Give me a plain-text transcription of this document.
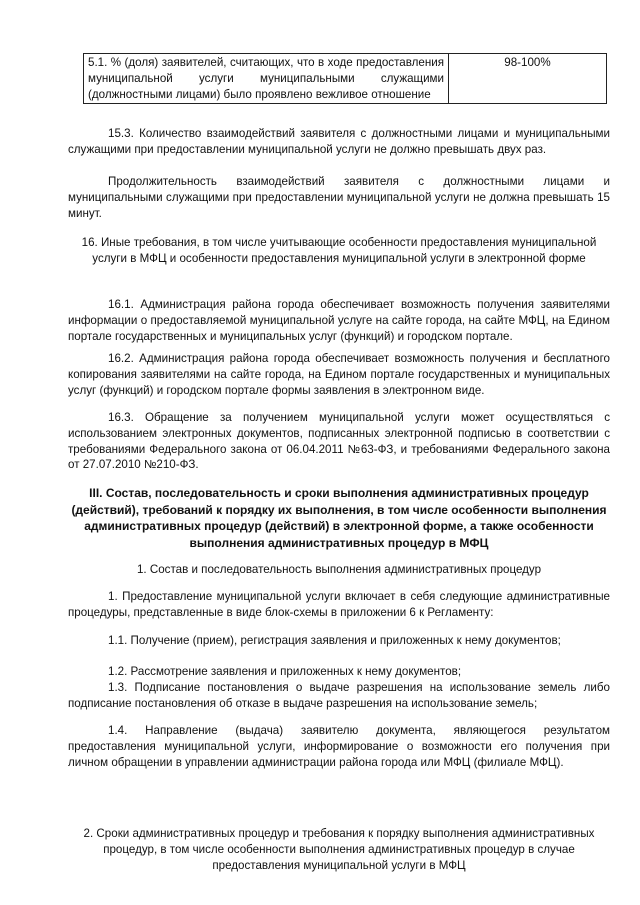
5.1. % (доля) заявителей, считающих, что в ходе предоставления муниципальной услуги муниципальными служащими (должностными лицами) было проявлено вежливое отношение	98-100%

15.3. Количество взаимодействий заявителя с должностными лицами и муниципальными служащими при предоставлении муниципальной услуги не должно превышать двух раз.

Продолжительность взаимодействий заявителя с должностными лицами и муниципальными служащими при предоставлении муниципальной услуги не должна превышать 15 минут.

16. Иные требования, в том числе учитывающие особенности предоставления муниципальной услуги в МФЦ и особенности предоставления муниципальной услуги в электронной форме

16.1. Администрация района города обеспечивает возможность получения заявителями информации о предоставляемой муниципальной услуге на сайте города, на сайте МФЦ, на Едином портале государственных и муниципальных услуг (функций) и городском портале.

16.2. Администрация района города обеспечивает возможность получения и бесплатного копирования заявителями на сайте города, на Едином портале государственных и муниципальных услуг (функций) и городском портале формы заявления в электронном виде.

16.3. Обращение за получением муниципальной услуги может осуществляться с использованием электронных документов, подписанных электронной подписью в соответствии с требованиями Федерального закона от 06.04.2011 №63-ФЗ, и требованиями Федерального закона от 27.07.2010 №210-ФЗ.

III. Состав, последовательность и сроки выполнения административных процедур (действий), требований к порядку их выполнения, в том числе особенности выполнения административных процедур (действий) в электронной форме, а также особенности выполнения административных процедур в МФЦ

1. Состав и последовательность выполнения административных процедур

1. Предоставление муниципальной услуги включает в себя следующие административные процедуры, представленные в виде блок-схемы в приложении 6 к Регламенту:

1.1. Получение (прием), регистрация заявления и приложенных к нему документов;

1.2. Рассмотрение заявления и приложенных к нему документов;

1.3. Подписание постановления о выдаче разрешения на использование земель либо подписание постановления об отказе в выдаче разрешения на использование земель;

1.4. Направление (выдача) заявителю документа, являющегося результатом предоставления муниципальной услуги, информирование о возможности его получения при личном обращении в управлении администрации района города или МФЦ (филиале МФЦ).

2. Сроки административных процедур и требования к порядку выполнения административных процедур, в том числе особенности выполнения административных процедур в случае предоставления муниципальной услуги в МФЦ
